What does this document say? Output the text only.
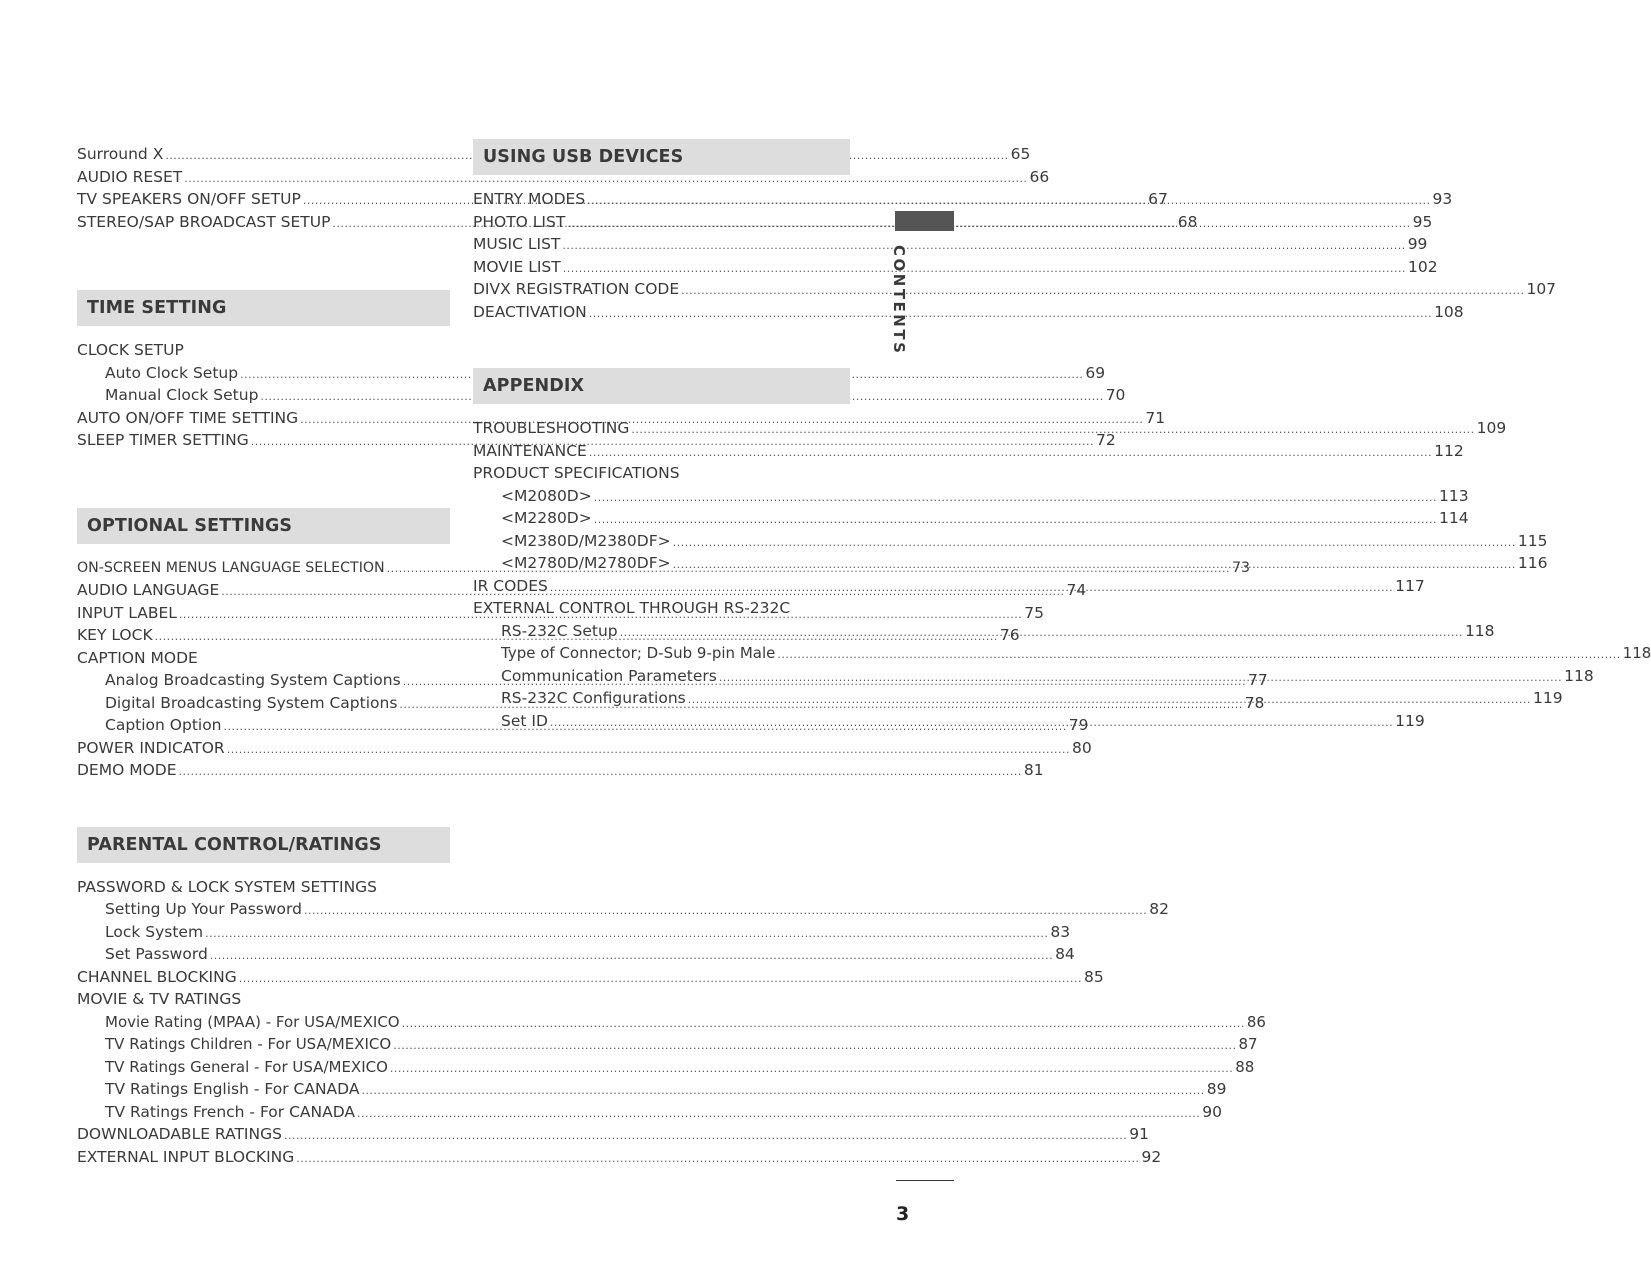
Surround X .....	65
AUDIO RESET .....	66
TV SPEAKERS ON/OFF SETUP .....	67
STEREO/SAP BROADCAST SETUP .....	68
TIME SETTING
CLOCK SETUP
Auto Clock Setup .....	69
Manual Clock Setup .....	70
AUTO ON/OFF TIME SETTING .....	71
SLEEP TIMER SETTING .....	72
OPTIONAL SETTINGS
ON-SCREEN MENUS LANGUAGE SELECTION .....	73
AUDIO LANGUAGE .....	74
INPUT LABEL .....	75
KEY LOCK .....	76
CAPTION MODE
Analog Broadcasting System Captions .....	77
Digital Broadcasting System Captions .....	78
Caption Option .....	79
POWER INDICATOR .....	80
DEMO MODE .....	81
PARENTAL CONTROL/RATINGS
PASSWORD & LOCK SYSTEM SETTINGS
Setting Up Your Password .....	82
Lock System .....	83
Set Password .....	84
CHANNEL BLOCKING .....	85
MOVIE & TV RATINGS
Movie Rating (MPAA) - For USA/MEXICO .....	86
TV Ratings Children - For USA/MEXICO .....	87
TV Ratings General - For USA/MEXICO .....	88
TV Ratings English - For CANADA .....	89
TV Ratings French - For CANADA .....	90
DOWNLOADABLE RATINGS .....	91
EXTERNAL INPUT BLOCKING .....	92
USING USB DEVICES
ENTRY MODES .....	93
PHOTO LIST .....	95
MUSIC LIST .....	99
MOVIE LIST .....	102
DIVX REGISTRATION CODE .....	107
DEACTIVATION .....	108
APPENDIX
TROUBLESHOOTING .....	109
MAINTENANCE .....	112
PRODUCT SPECIFICATIONS
<M2080D> .....	113
<M2280D> .....	114
<M2380D/M2380DF> .....	115
<M2780D/M2780DF> .....	116
IR CODES .....	117
EXTERNAL CONTROL THROUGH RS-232C
RS-232C Setup .....	118
Type of Connector; D-Sub 9-pin Male .....	118
Communication Parameters .....	118
RS-232C Configurations .....	119
Set ID .....	119
CONTENTS
3
